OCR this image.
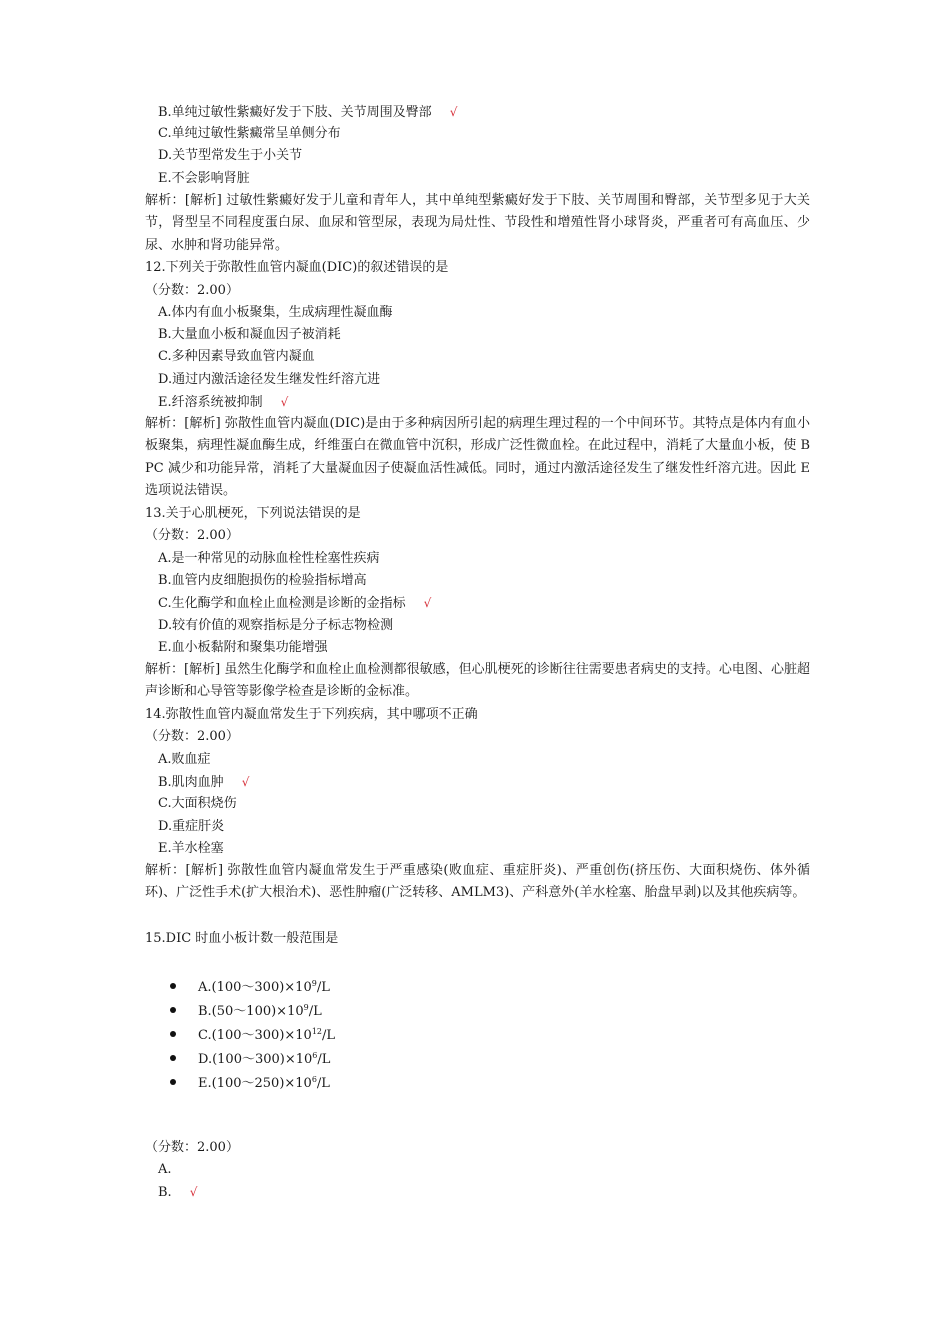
B.单纯过敏性紫癜好发于下肢、关节周围及臀部 √
C.单纯过敏性紫癜常呈单侧分布
D.关节型常发生于小关节
E.不会影响肾脏
解析：[解析] 过敏性紫癜好发于儿童和青年人，其中单纯型紫癜好发于下肢、关节周围和臀部，关节型多见于大关节，肾型呈不同程度蛋白尿、血尿和管型尿，表现为局灶性、节段性和增殖性肾小球肾炎，严重者可有高血压、少尿、水肿和肾功能异常。
12.下列关于弥散性血管内凝血(DIC)的叙述错误的是
（分数：2.00）
A.体内有血小板聚集，生成病理性凝血酶
B.大量血小板和凝血因子被消耗
C.多种因素导致血管内凝血
D.通过内激活途径发生继发性纤溶亢进
E.纤溶系统被抑制 √
解析：[解析] 弥散性血管内凝血(DIC)是由于多种病因所引起的病理生理过程的一个中间环节。其特点是体内有血小板聚集，病理性凝血酶生成，纤维蛋白在微血管中沉积，形成广泛性微血栓。在此过程中，消耗了大量血小板，使 BPC 减少和功能异常，消耗了大量凝血因子使凝血活性减低。同时，通过内激活途径发生了继发性纤溶亢进。因此 E 选项说法错误。
13.关于心肌梗死，下列说法错误的是
（分数：2.00）
A.是一种常见的动脉血栓性栓塞性疾病
B.血管内皮细胞损伤的检验指标增高
C.生化酶学和血栓止血检测是诊断的金指标 √
D.较有价值的观察指标是分子标志物检测
E.血小板黏附和聚集功能增强
解析：[解析] 虽然生化酶学和血栓止血检测都很敏感，但心肌梗死的诊断往往需要患者病史的支持。心电图、心脏超声诊断和心导管等影像学检查是诊断的金标准。
14.弥散性血管内凝血常发生于下列疾病，其中哪项不正确
（分数：2.00）
A.败血症
B.肌肉血肿 √
C.大面积烧伤
D.重症肝炎
E.羊水栓塞
解析：[解析] 弥散性血管内凝血常发生于严重感染(败血症、重症肝炎)、严重创伤(挤压伤、大面积烧伤、体外循环)、广泛性手术(扩大根治术)、恶性肿瘤(广泛转移、AMLM3)、产科意外(羊水栓塞、胎盘早剥)以及其他疾病等。
15.DIC 时血小板计数一般范围是
$A.(100\sim 300)\times 10^9/L$
$B.(50\sim 100)\times 10^9/L$
$C.(100\sim 300)\times 10^{12}/L$
$D.(100\sim 300)\times 10^6/L$
$E.(100\sim 250)\times 10^6/L$
（分数：2.00）
A.
B. √
